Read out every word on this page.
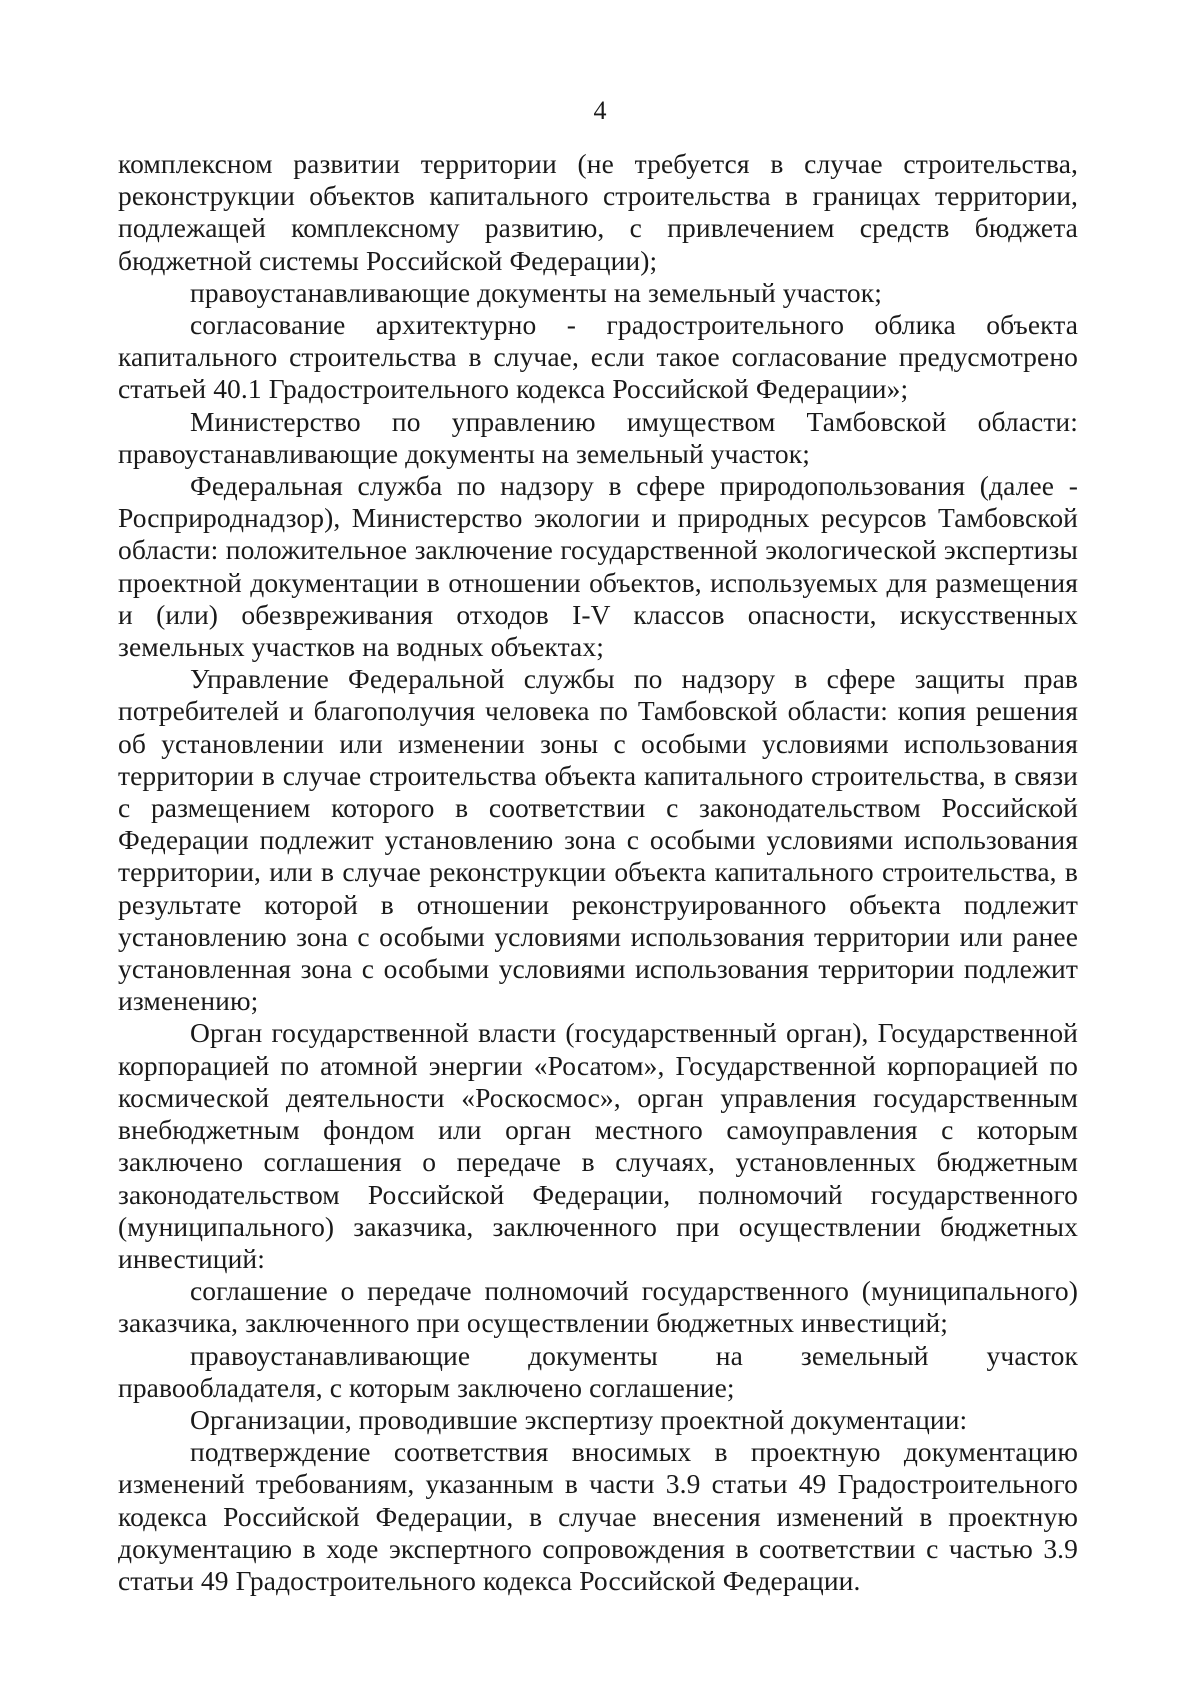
4

комплексном развитии территории (не требуется в случае строительства, реконструкции объектов капитального строительства в границах территории, подлежащей комплексному развитию, с привлечением средств бюджета бюджетной системы Российской Федерации);

правоустанавливающие документы на земельный участок;

согласование архитектурно - градостроительного облика объекта капитального строительства в случае, если такое согласование предусмотрено статьей 40.1 Градостроительного кодекса Российской Федерации»;

Министерство по управлению имуществом Тамбовской области: правоустанавливающие документы на земельный участок;

Федеральная служба по надзору в сфере природопользования (далее - Росприроднадзор), Министерство экологии и природных ресурсов Тамбовской области: положительное заключение государственной экологической экспертизы проектной документации в отношении объектов, используемых для размещения и (или) обезвреживания отходов I-V классов опасности, искусственных земельных участков на водных объектах;

Управление Федеральной службы по надзору в сфере защиты прав потребителей и благополучия человека по Тамбовской области: копия решения об установлении или изменении зоны с особыми условиями использования территории в случае строительства объекта капитального строительства, в связи с размещением которого в соответствии с законодательством Российской Федерации подлежит установлению зона с особыми условиями использования территории, или в случае реконструкции объекта капитального строительства, в результате которой в отношении реконструированного объекта подлежит установлению зона с особыми условиями использования территории или ранее установленная зона с особыми условиями использования территории подлежит изменению;

Орган государственной власти (государственный орган), Государственной корпорацией по атомной энергии «Росатом», Государственной корпорацией по космической деятельности «Роскосмос», орган управления государственным внебюджетным фондом или орган местного самоуправления с которым заключено соглашения о передаче в случаях, установленных бюджетным законодательством Российской Федерации, полномочий государственного (муниципального) заказчика, заключенного при осуществлении бюджетных инвестиций:

соглашение о передаче полномочий государственного (муниципального) заказчика, заключенного при осуществлении бюджетных инвестиций;

правоустанавливающие документы на земельный участок правообладателя, с которым заключено соглашение;

Организации, проводившие экспертизу проектной документации:

подтверждение соответствия вносимых в проектную документацию изменений требованиям, указанным в части 3.9 статьи 49 Градостроительного кодекса Российской Федерации, в случае внесения изменений в проектную документацию в ходе экспертного сопровождения в соответствии с частью 3.9 статьи 49 Градостроительного кодекса Российской Федерации.
